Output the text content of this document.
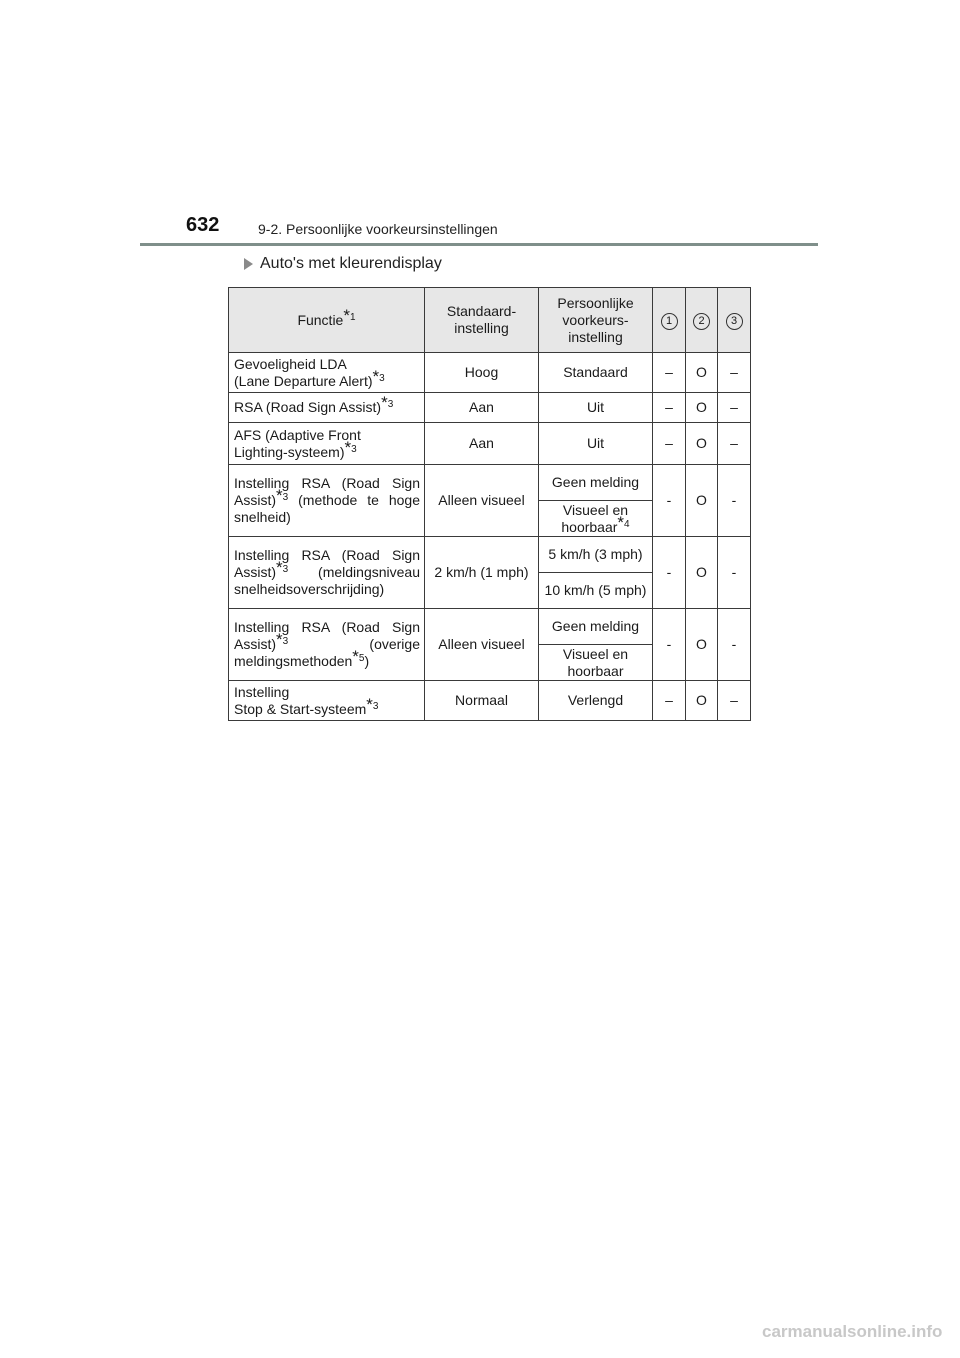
632	9-2. Persoonlijke voorkeursinstellingen
Auto's met kleurendisplay
Functie*$^1$	Standaard-instelling	Persoonlijke voorkeurs-instelling	1	2	3
Gevoeligheid LDA
(Lane Departure Alert)*$^3$	Hoog	Standaard	–	O	–
RSA (Road Sign Assist)*$^3$	Aan	Uit	–	O	–
AFS (Adaptive Front
Lighting-systeem)*$^3$	Aan	Uit	–	O	–
Instelling RSA (Road Sign Assist)*$^3$ (methode te hoge snelheid)	Alleen visueel	Geen melding	-	O	-
		Visueel en hoorbaar*$^4$
Instelling RSA (Road Sign Assist)*$^3$ (meldingsniveau snelheidsoverschrijding)	2 km/h (1 mph)	5 km/h (3 mph)	-	O	-
		10 km/h (5 mph)			
Instelling RSA (Road Sign Assist)*$^3$ (overige meldingsmethoden*$^5$)	Alleen visueel	Geen melding	-	O	-
		Visueel en hoorbaar			
Instelling
Stop & Start-systeem*$^3$	Normaal	Verlengd	–	O	–
carmanualsonline.info
